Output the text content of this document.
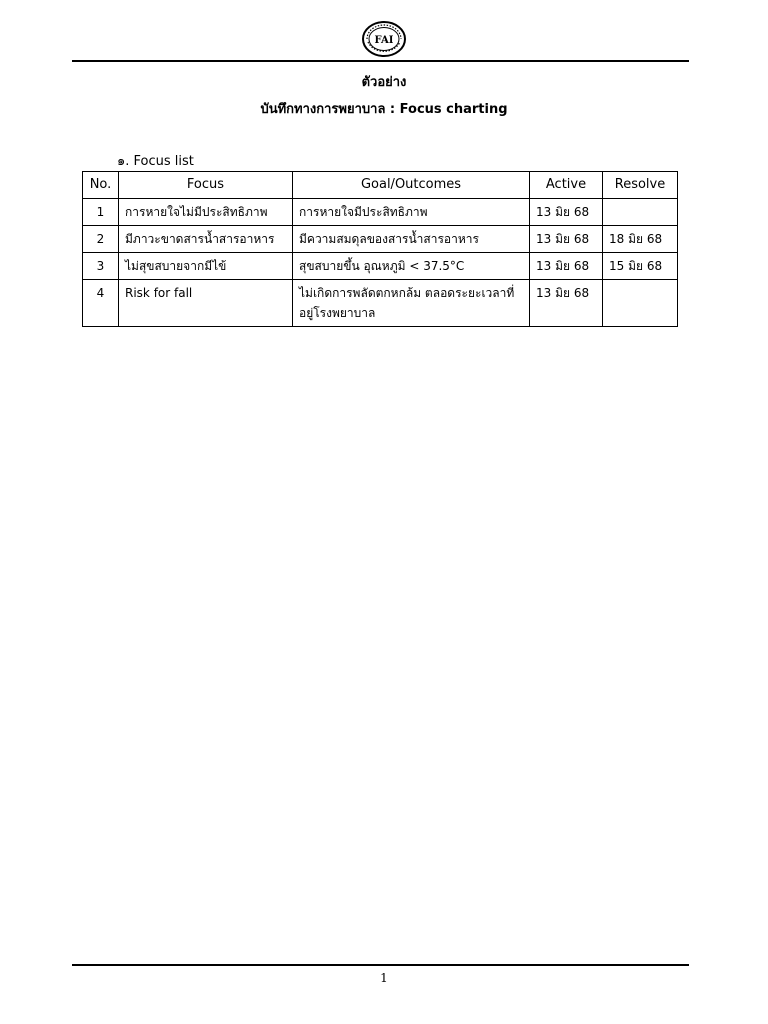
FAI
ตัวอย่าง
บันทึกทางการพยาบาล : Focus charting
๑. Focus list
No.	Focus	Goal/Outcomes	Active	Resolve
1	การหายใจไม่มีประสิทธิภาพ	การหายใจมีประสิทธิภาพ	13 มิย 68	
2	มีภาวะขาดสารน้ำสารอาหาร	มีความสมดุลของสารน้ำสารอาหาร	13 มิย 68	18 มิย 68
3	ไม่สุขสบายจากมีไข้	สุขสบายขึ้น อุณหภูมิ < 37.5°C	13 มิย 68	15 มิย 68
4	Risk for fall	ไม่เกิดการพลัดตกหกล้ม ตลอดระยะเวลาที่อยู่โรงพยาบาล	13 มิย 68	
1
